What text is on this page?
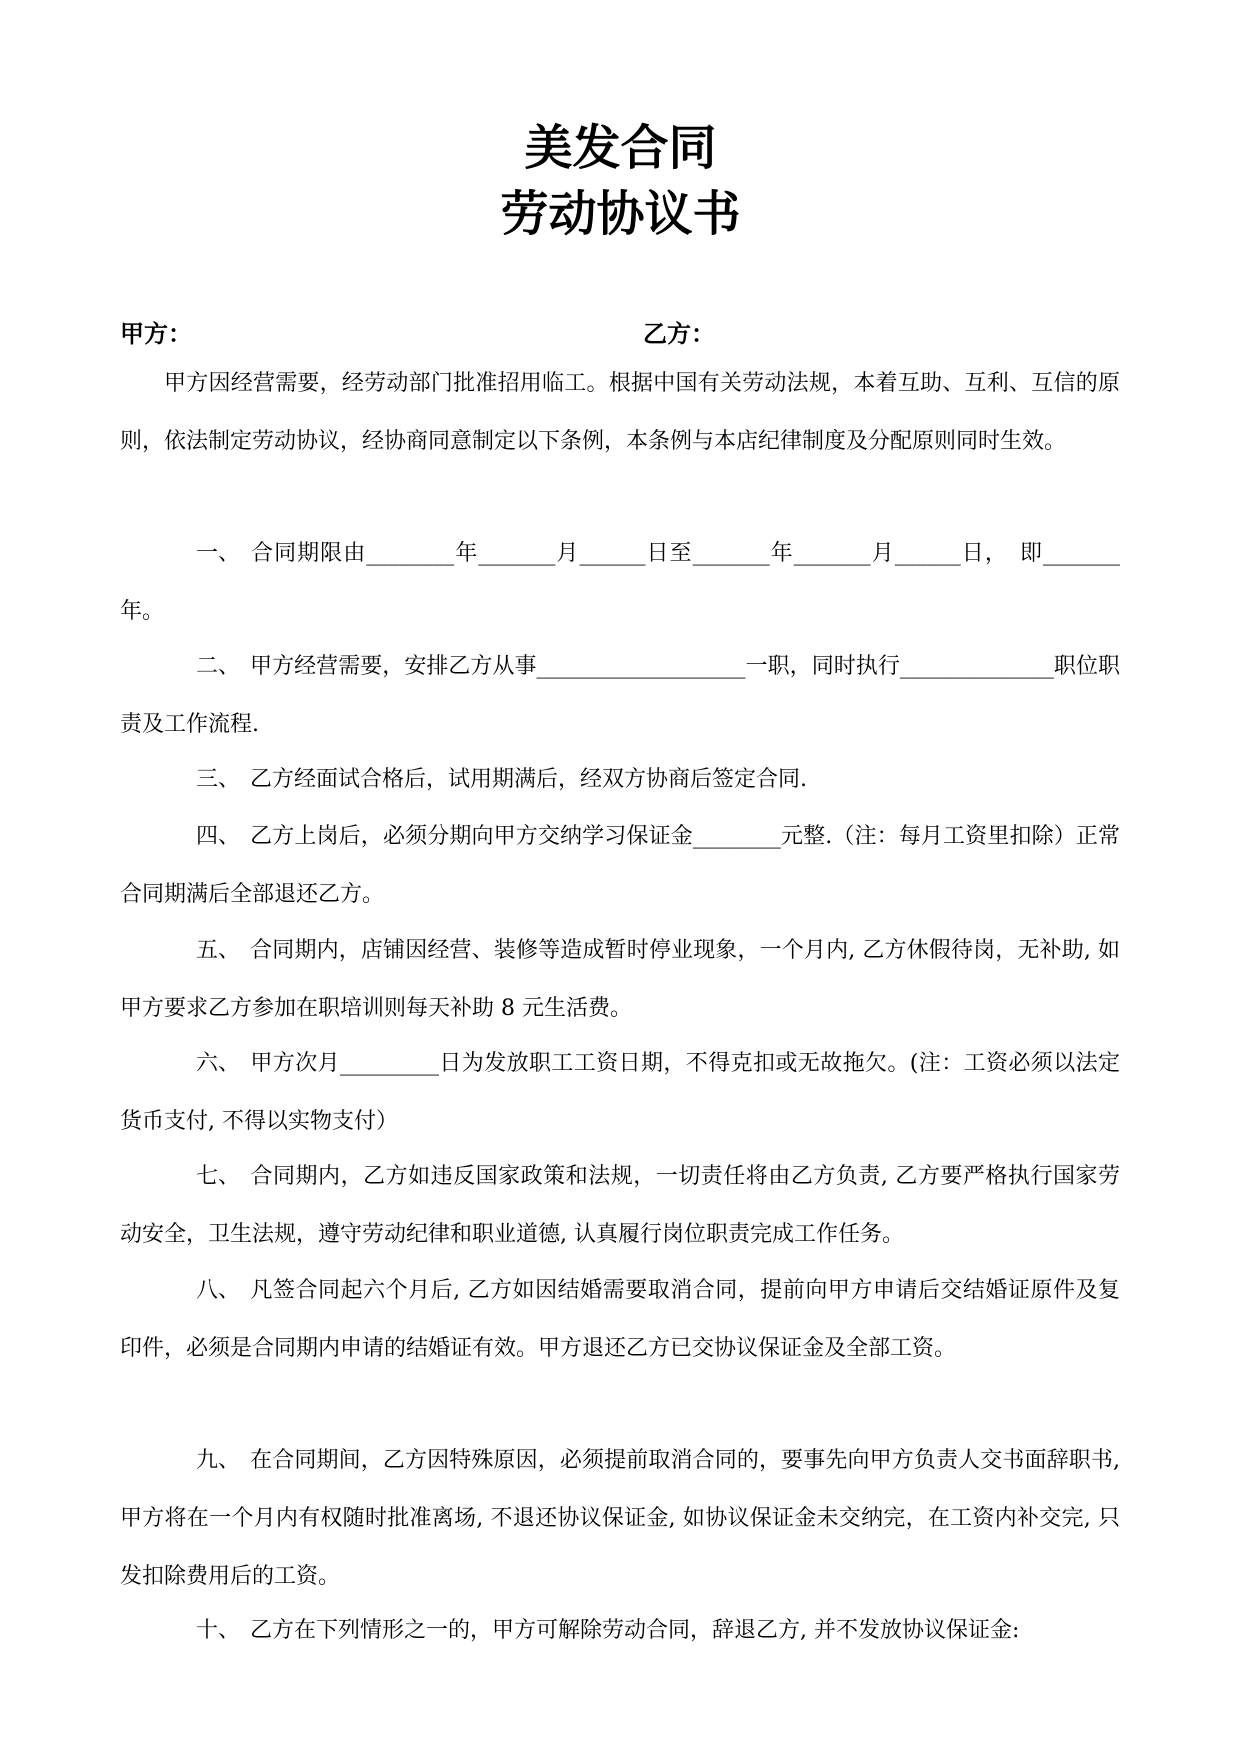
美发合同
劳动协议书
甲方：	乙方：

甲方因经营需要，经劳动部门批准招用临工。根据中国有关劳动法规，本着互助、互利、互信的原则，依法制定劳动协议，经协商同意制定以下条例，本条例与本店纪律制度及分配原则同时生效。

一、 合同期限由________年_______月______日至_______年_______月______日，　即_______年。

二、 甲方经营需要，安排乙方从事___________________一职，同时执行______________职位职责及工作流程.

三、 乙方经面试合格后，试用期满后，经双方协商后签定合同.

四、 乙方上岗后，必须分期向甲方交纳学习保证金________元整.（注：每月工资里扣除）正常合同期满后全部退还乙方。

五、 合同期内，店铺因经营、装修等造成暂时停业现象，一个月内, 乙方休假待岗，无补助, 如甲方要求乙方参加在职培训则每天补助 8 元生活费。

六、 甲方次月_________日为发放职工工资日期，不得克扣或无故拖欠。(注：工资必须以法定货币支付, 不得以实物支付）

七、 合同期内，乙方如违反国家政策和法规，一切责任将由乙方负责, 乙方要严格执行国家劳动安全，卫生法规，遵守劳动纪律和职业道德, 认真履行岗位职责完成工作任务。

八、 凡签合同起六个月后, 乙方如因结婚需要取消合同，提前向甲方申请后交结婚证原件及复印件，必须是合同期内申请的结婚证有效。甲方退还乙方已交协议保证金及全部工资。

九、 在合同期间，乙方因特殊原因，必须提前取消合同的，要事先向甲方负责人交书面辞职书, 甲方将在一个月内有权随时批准离场, 不退还协议保证金, 如协议保证金未交纳完，在工资内补交完, 只发扣除费用后的工资。

十、 乙方在下列情形之一的，甲方可解除劳动合同，辞退乙方, 并不发放协议保证金:
